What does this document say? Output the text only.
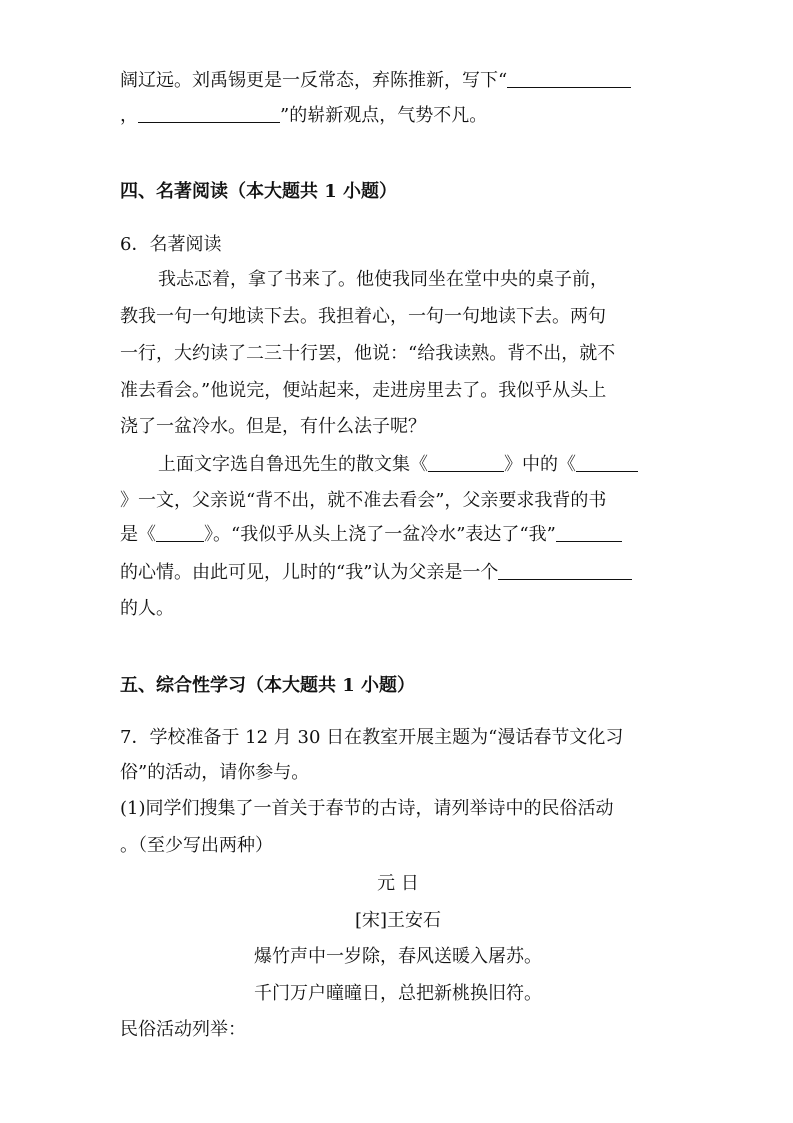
阔辽远。刘禹锡更是一反常态，弃陈推新，写下“
，	”的崭新观点，气势不凡。
四、名著阅读（本大题共 1 小题）
6．名著阅读
我忐忑着，拿了书来了。他使我同坐在堂中央的桌子前，
教我一句一句地读下去。我担着心，一句一句地读下去。两句
一行，大约读了二三十行罢，他说：“给我读熟。背不出，就不
准去看会。”他说完，便站起来，走进房里去了。我似乎从头上
浇了一盆冷水。但是，有什么法子呢？
上面文字选自鲁迅先生的散文集《	》中的《
》一文，父亲说“背不出，就不准去看会”，父亲要求我背的书
是《	》。“我似乎从头上浇了一盆冷水”表达了“我”
的心情。由此可见，儿时的“我”认为父亲是一个
的人。
五、综合性学习（本大题共 1 小题）
7．学校准备于 12 月 30 日在教室开展主题为“漫话春节文化习
俗”的活动，请你参与。
(1)同学们搜集了一首关于春节的古诗，请列举诗中的民俗活动
。（至少写出两种）
元 日
[宋]王安石
爆竹声中一岁除，春风送暖入屠苏。
千门万户曈曈日，总把新桃换旧符。
民俗活动列举：
